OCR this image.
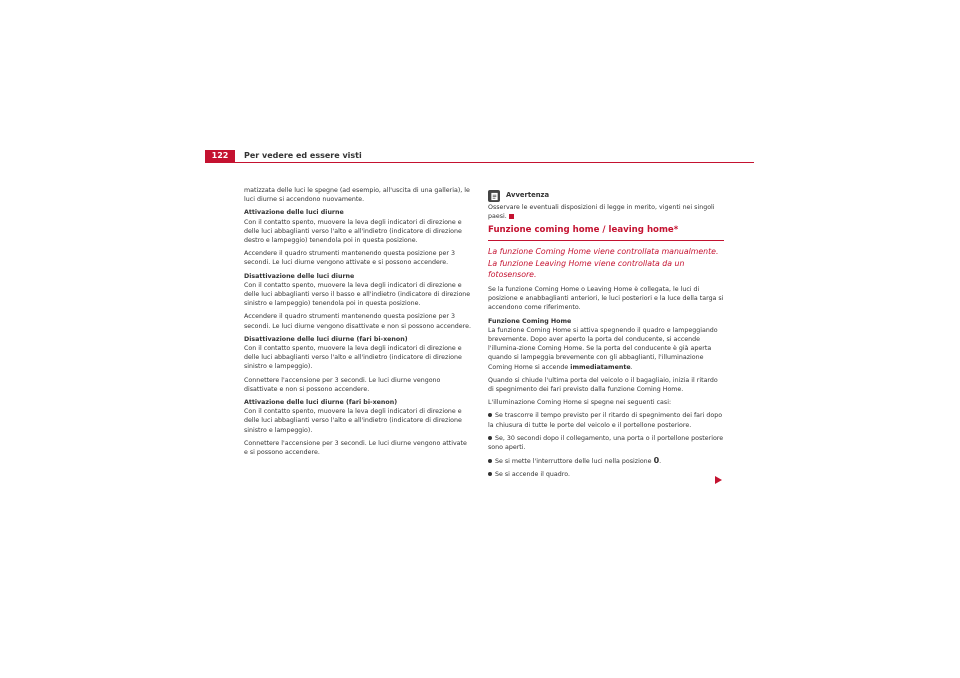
122	Per vedere ed essere visti

matizzata delle luci le spegne (ad esempio, all'uscita di una galleria), le luci diurne si accendono nuovamente.

Attivazione delle luci diurne

Con il contatto spento, muovere la leva degli indicatori di direzione e delle luci abbaglianti verso l'alto e all'indietro (indicatore di direzione destro e lampeggio) tenendola poi in questa posizione.

Accendere il quadro strumenti mantenendo questa posizione per 3 secondi. Le luci diurne vengono attivate e si possono accendere.

Disattivazione delle luci diurne

Con il contatto spento, muovere la leva degli indicatori di direzione e delle luci abbaglianti verso il basso e all'indietro (indicatore di direzione sinistro e lampeggio) tenendola poi in questa posizione.

Accendere il quadro strumenti mantenendo questa posizione per 3 secondi. Le luci diurne vengono disattivate e non si possono accendere.

Disattivazione delle luci diurne (fari bi-xenon)

Con il contatto spento, muovere la leva degli indicatori di direzione e delle luci abbaglianti verso l'alto e all'indietro (indicatore di direzione sinistro e lampeggio).

Connettere l'accensione per 3 secondi. Le luci diurne vengono disattivate e non si possono accendere.

Attivazione delle luci diurne (fari bi-xenon)

Con il contatto spento, muovere la leva degli indicatori di direzione e delle luci abbaglianti verso l'alto e all'indietro (indicatore di direzione sinistro e lampeggio).

Connettere l'accensione per 3 secondi. Le luci diurne vengono attivate e si possono accendere.

Avvertenza

Osservare le eventuali disposizioni di legge in merito, vigenti nei singoli paesi.

Funzione coming home / leaving home*

La funzione Coming Home viene controllata manualmente. La funzione Leaving Home viene controllata da un fotosensore.

Se la funzione Coming Home o Leaving Home è collegata, le luci di posizione e anabbaglianti anteriori, le luci posteriori e la luce della targa si accendono come riferimento.

Funzione Coming Home

La funzione Coming Home si attiva spegnendo il quadro e lampeggiando brevemente. Dopo aver aperto la porta del conducente, si accende l'illumina-zione Coming Home. Se la porta del conducente è già aperta quando si lampeggia brevemente con gli abbaglianti, l'illuminazione Coming Home si accende immediatamente.

Quando si chiude l'ultima porta del veicolo o il bagagliaio, inizia il ritardo di spegnimento dei fari previsto dalla funzione Coming Home.

L'illuminazione Coming Home si spegne nei seguenti casi:

Se trascorre il tempo previsto per il ritardo di spegnimento dei fari dopo la chiusura di tutte le porte del veicolo e il portellone posteriore.

Se, 30 secondi dopo il collegamento, una porta o il portellone posteriore sono aperti.

Se si mette l'interruttore delle luci nella posizione 0.

Se si accende il quadro.
